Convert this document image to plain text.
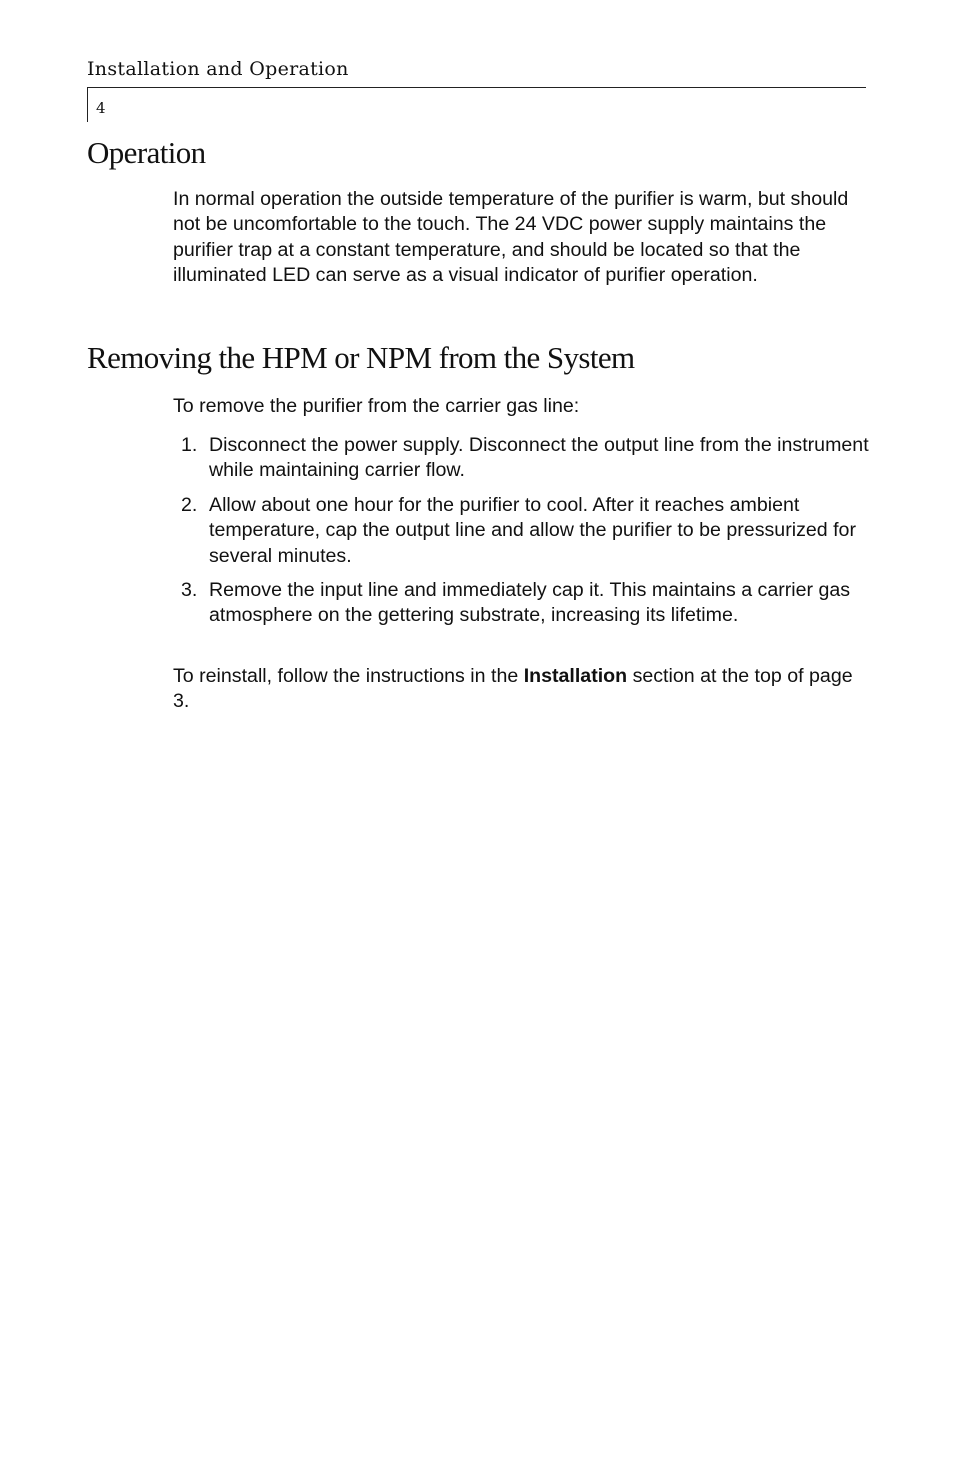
Installation and Operation
4
Operation

In normal operation the outside temperature of the purifier is warm, but should not be uncomfortable to the touch. The 24 VDC power supply maintains the purifier trap at a constant temperature, and should be located so that the illuminated LED can serve as a visual indicator of purifier operation.

Removing the HPM or NPM from the System

To remove the purifier from the carrier gas line:

1. Disconnect the power supply. Disconnect the output line from the instrument while maintaining carrier flow.
2. Allow about one hour for the purifier to cool. After it reaches ambient temperature, cap the output line and allow the purifier to be pressurized for several minutes.
3. Remove the input line and immediately cap it. This maintains a carrier gas atmosphere on the gettering substrate, increasing its lifetime.

To reinstall, follow the instructions in the Installation section at the top of page 3.
